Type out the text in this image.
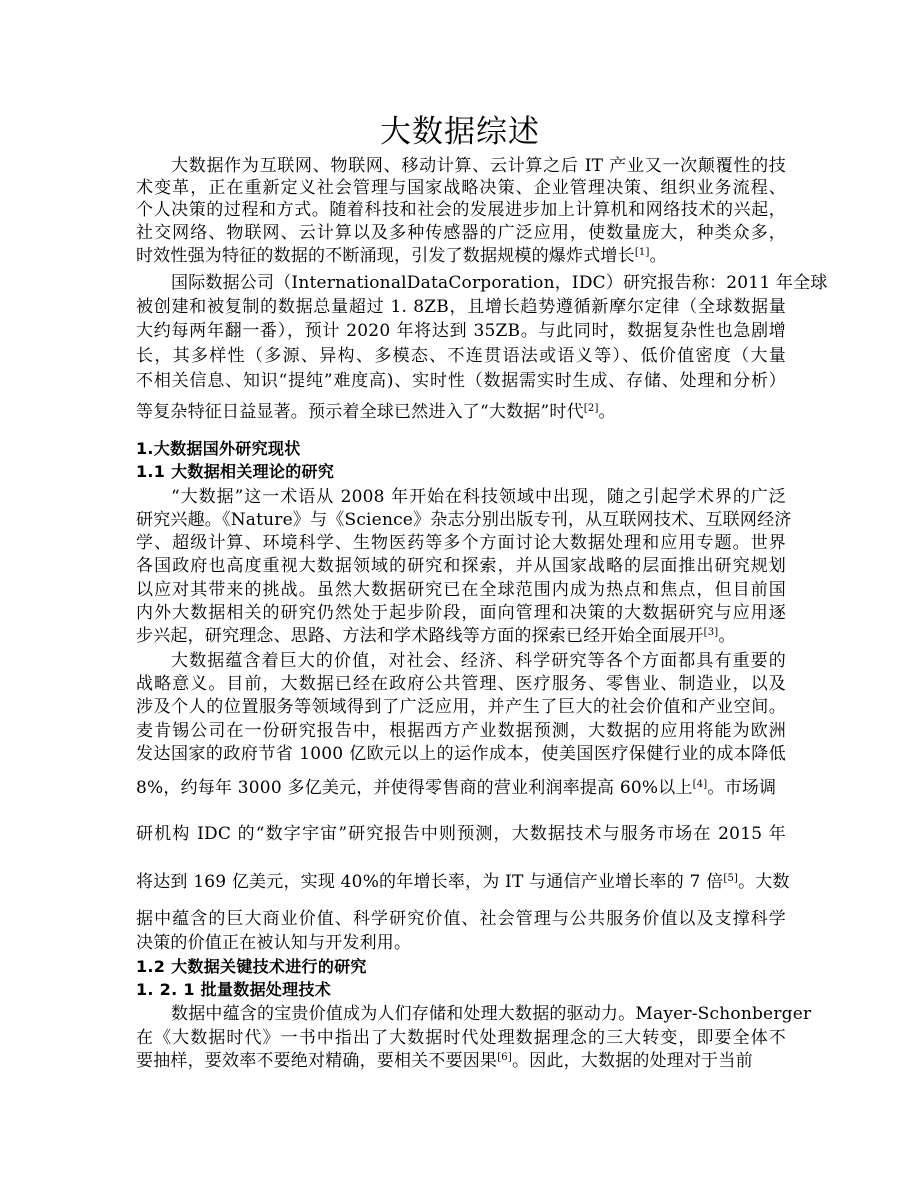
大数据综述
大数据作为互联网、物联网、移动计算、云计算之后 IT 产业又一次颠覆性的技
术变革，正在重新定义社会管理与国家战略决策、企业管理决策、组织业务流程、
个人决策的过程和方式。随着科技和社会的发展进步加上计算机和网络技术的兴起，
社交网络、物联网、云计算以及多种传感器的广泛应用，使数量庞大，种类众多，
时效性强为特征的数据的不断涌现，引发了数据规模的爆炸式增长[1]。
国际数据公司（InternationalDataCorporation，IDC）研究报告称：2011 年全球
被创建和被复制的数据总量超过 1. 8ZB，且增长趋势遵循新摩尔定律（全球数据量
大约每两年翻一番），预计 2020 年将达到 35ZB。与此同时，数据复杂性也急剧增
长，其多样性（多源、异构、多模态、不连贯语法或语义等）、低价值密度（大量
不相关信息、知识“提纯”难度高)、实时性（数据需实时生成、存储、处理和分析）
等复杂特征日益显著。预示着全球已然进入了“大数据”时代[2]。
1.大数据国外研究现状
1.1 大数据相关理论的研究
“大数据”这一术语从 2008 年开始在科技领域中出现，随之引起学术界的广泛
研究兴趣。《Nature》与《Science》杂志分别出版专刊，从互联网技术、互联网经济
学、超级计算、环境科学、生物医药等多个方面讨论大数据处理和应用专题。世界
各国政府也高度重视大数据领域的研究和探索，并从国家战略的层面推出研究规划
以应对其带来的挑战。虽然大数据研究已在全球范围内成为热点和焦点，但目前国
内外大数据相关的研究仍然处于起步阶段，面向管理和决策的大数据研究与应用逐
步兴起，研究理念、思路、方法和学术路线等方面的探索已经开始全面展开[3]。
大数据蕴含着巨大的价值，对社会、经济、科学研究等各个方面都具有重要的
战略意义。目前，大数据已经在政府公共管理、医疗服务、零售业、制造业，以及
涉及个人的位置服务等领域得到了广泛应用，并产生了巨大的社会价值和产业空间。
麦肯锡公司在一份研究报告中，根据西方产业数据预测，大数据的应用将能为欧洲
发达国家的政府节省 1000 亿欧元以上的运作成本，使美国医疗保健行业的成本降低
8%，约每年 3000 多亿美元，并使得零售商的营业利润率提高 60%以上[4]。市场调
研机构 IDC 的“数字宇宙”研究报告中则预测，大数据技术与服务市场在 2015 年
将达到 169 亿美元，实现 40%的年增长率，为 IT 与通信产业增长率的 7 倍[5]。大数
据中蕴含的巨大商业价值、科学研究价值、社会管理与公共服务价值以及支撑科学
决策的价值正在被认知与开发利用。
1.2 大数据关键技术进行的研究
1. 2. 1 批量数据处理技术
数据中蕴含的宝贵价值成为人们存储和处理大数据的驱动力。Mayer-Schonberger
在《大数据时代》一书中指出了大数据时代处理数据理念的三大转变，即要全体不
要抽样，要效率不要绝对精确，要相关不要因果[6]。因此，大数据的处理对于当前
